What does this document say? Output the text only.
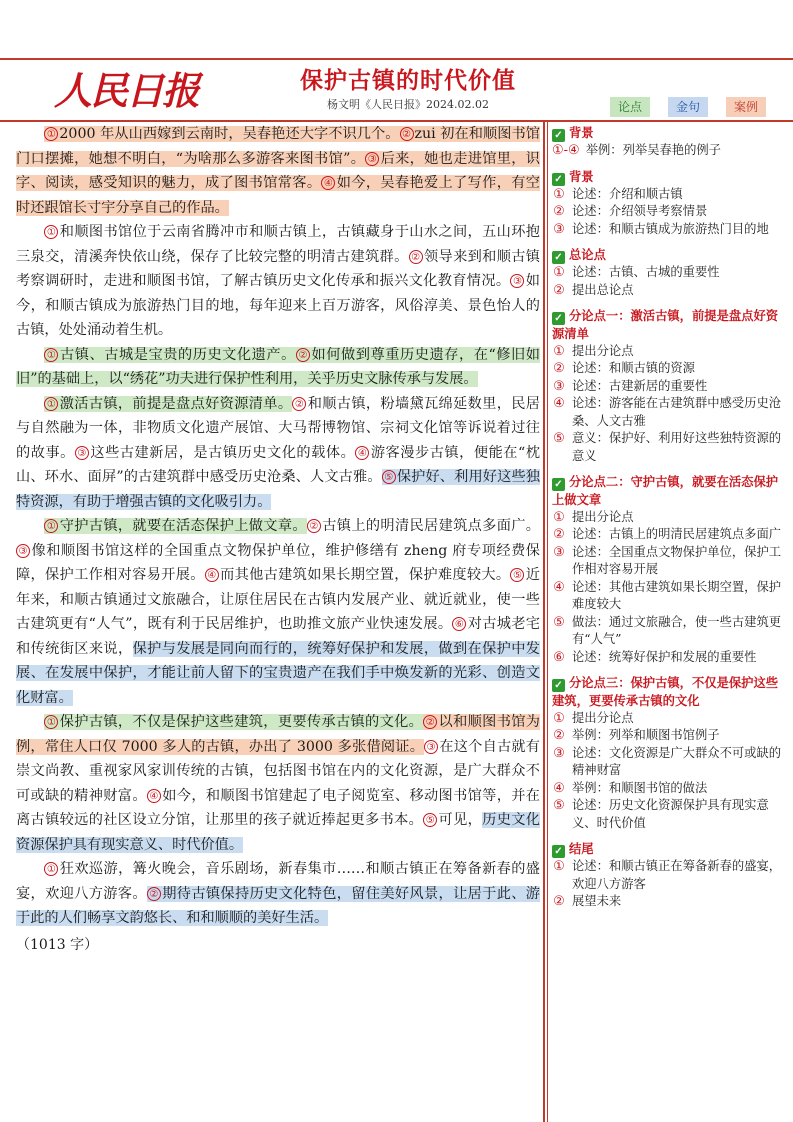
人民日报	保护古镇的时代价值
杨文明《人民日报》2024.02.02	论点	金句	案例

① 2000 年从山西嫁到云南时，吴春艳还大字不识几个。 ② zui 初在和顺图书馆门口摆摊，她想不明白，“为啥那么多游客来图书馆”。 ③ 后来，她也走进馆里，识字、阅读，感受知识的魅力，成了图书馆常客。 ④ 如今，吴春艳爱上了写作，有空时还跟馆长寸宇分享自己的作品。

① 和顺图书馆位于云南省腾冲市和顺古镇上，古镇藏身于山水之间，五山环抱三泉交，清溪奔快依山绕，保存了比较完整的明清古建筑群。 ② 领导来到和顺古镇考察调研时，走进和顺图书馆，了解古镇历史文化传承和振兴文化教育情况。 ③ 如今，和顺古镇成为旅游热门目的地，每年迎来上百万游客，风俗淳美、景色怡人的古镇，处处涌动着生机。

① 古镇、古城是宝贵的历史文化遗产。 ② 如何做到尊重历史遗存，在“修旧如旧”的基础上，以“绣花”功夫进行保护性利用，关乎历史文脉传承与发展。

① 激活古镇，前提是盘点好资源清单。 ② 和顺古镇，粉墙黛瓦绵延数里，民居与自然融为一体，非物质文化遗产展馆、大马帮博物馆、宗祠文化馆等诉说着过往的故事。 ③ 这些古建新居，是古镇历史文化的载体。 ④ 游客漫步古镇，便能在“枕山、环水、面屏”的古建筑群中感受历史沧桑、人文古雅。 ⑤ 保护好、利用好这些独特资源，有助于增强古镇的文化吸引力。

① 守护古镇，就要在活态保护上做文章。 ② 古镇上的明清民居建筑点多面广。③ 像和顺图书馆这样的全国重点文物保护单位，维护修缮有 zheng 府专项经费保障，保护工作相对容易开展。 ④ 而其他古建筑如果长期空置，保护难度较大。 ⑤ 近年来，和顺古镇通过文旅融合，让原住居民在古镇内发展产业、就近就业，使一些古建筑更有“人气”，既有利于民居维护，也助推文旅产业快速发展。 ⑥ 对古城老宅和传统街区来说，保护与发展是同向而行的，统筹好保护和发展，做到在保护中发展、在发展中保护，才能让前人留下的宝贵遗产在我们手中焕发新的光彩、创造文化财富。

① 保护古镇，不仅是保护这些建筑，更要传承古镇的文化。 ② 以和顺图书馆为例，常住人口仅 7000 多人的古镇，办出了 3000 多张借阅证。 ③ 在这个自古就有崇文尚教、重视家风家训传统的古镇，包括图书馆在内的文化资源，是广大群众不可或缺的精神财富。 ④ 如今，和顺图书馆建起了电子阅览室、移动图书馆等，并在离古镇较远的社区设立分馆，让那里的孩子就近捧起更多书本。 ⑤ 可见，历史文化资源保护具有现实意义、时代价值。

① 狂欢巡游，篝火晚会，音乐剧场，新春集市……和顺古镇正在筹备新春的盛宴，欢迎八方游客。 ② 期待古镇保持历史文化特色，留住美好风景，让居于此、游于此的人们畅享文韵悠长、和和顺顺的美好生活。

（1013 字）
✓ 背景
①-④ 举例：列举吴春艳的例子
✓ 背景
① 论述：介绍和顺古镇
② 论述：介绍领导考察情景
③ 论述：和顺古镇成为旅游热门目的地
✓ 总论点
① 论述：古镇、古城的重要性
② 提出总论点
✓ 分论点一：激活古镇，前提是盘点好资源清单
① 提出分论点
② 论述：和顺古镇的资源
③ 论述：古建新居的重要性
④ 论述：游客能在古建筑群中感受历史沧桑、人文古雅
⑤ 意义：保护好、利用好这些独特资源的意义
✓ 分论点二：守护古镇，就要在活态保护上做文章
① 提出分论点
② 论述：古镇上的明清民居建筑点多面广
③ 论述：全国重点文物保护单位，保护工作相对容易开展
④ 论述：其他古建筑如果长期空置，保护难度较大
⑤ 做法：通过文旅融合，使一些古建筑更有“人气”
⑥ 论述：统筹好保护和发展的重要性
✓ 分论点三：保护古镇，不仅是保护这些建筑，更要传承古镇的文化
① 提出分论点
② 举例：列举和顺图书馆例子
③ 论述：文化资源是广大群众不可或缺的精神财富
④ 举例：和顺图书馆的做法
⑤ 论述：历史文化资源保护具有现实意义、时代价值
✓ 结尾
① 论述：和顺古镇正在筹备新春的盛宴，欢迎八方游客
② 展望未来
